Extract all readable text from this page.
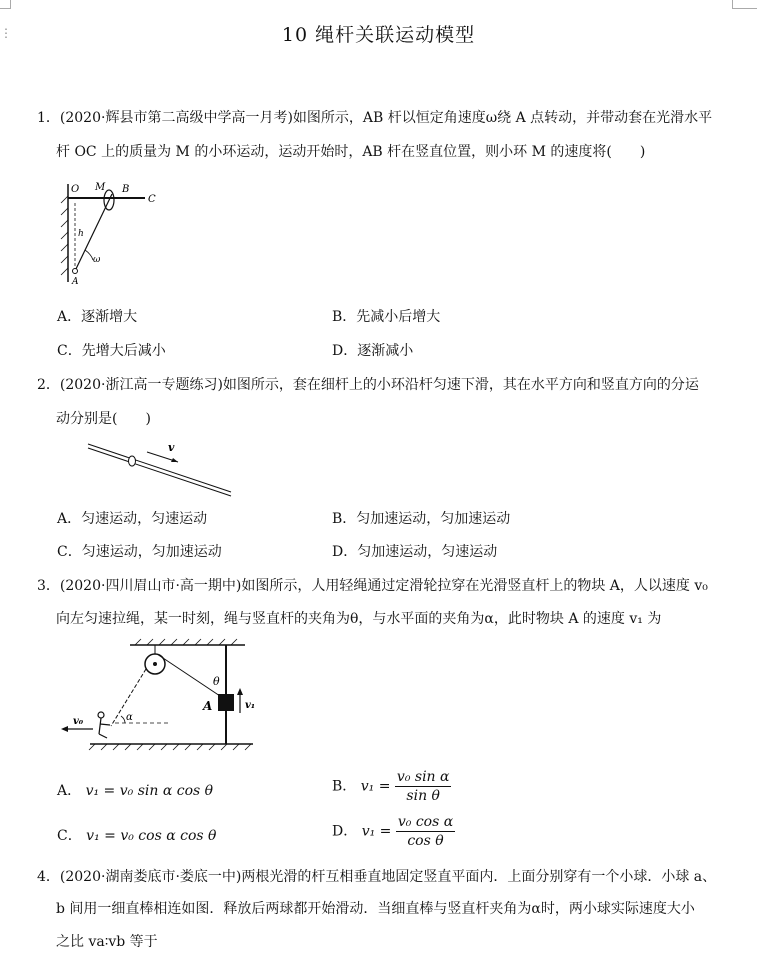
⋮	10 绳杆关联运动模型
1．(2020·辉县市第二高级中学高一月考)如图所示，AB 杆以恒定角速度ω绕 A 点转动，并带动套在光滑水平
杆 OC 上的质量为 M 的小环运动，运动开始时，AB 杆在竖直位置，则小环 M 的速度将(　　)
O M B
C
h
A
ω
A．逐渐增大	B．先减小后增大
C．先增大后减小	D．逐渐减小
2．(2020·浙江高一专题练习)如图所示，套在细杆上的小环沿杆匀速下滑，其在水平方向和竖直方向的分运
动分别是(　　)
v
A．匀速运动，匀速运动	B．匀加速运动，匀加速运动
C．匀速运动，匀加速运动	D．匀加速运动，匀速运动
3．(2020·四川眉山市·高一期中)如图所示，人用轻绳通过定滑轮拉穿在光滑竖直杆上的物块 A，人以速度 v₀
向左匀速拉绳，某一时刻，绳与竖直杆的夹角为θ，与水平面的夹角为α，此时物块 A 的速度 v₁ 为
θ
A	v₁
v₀	α
A． v₁ = v₀ sin α cos θ	B． $v_1 = \frac{\text{v₀ sin α}}{\text{sin θ}}$
C． v₁ = v₀ cos α cos θ	D． $v_1 = \frac{\text{v₀ cos α}}{\text{cos θ}}$
4．(2020·湖南娄底市·娄底一中)两根光滑的杆互相垂直地固定竖直平面内．上面分别穿有一个小球．小球 a、
b 间用一细直棒相连如图．释放后两球都开始滑动．当细直棒与竖直杆夹角为α时，两小球实际速度大小
之比 va∶vb 等于
